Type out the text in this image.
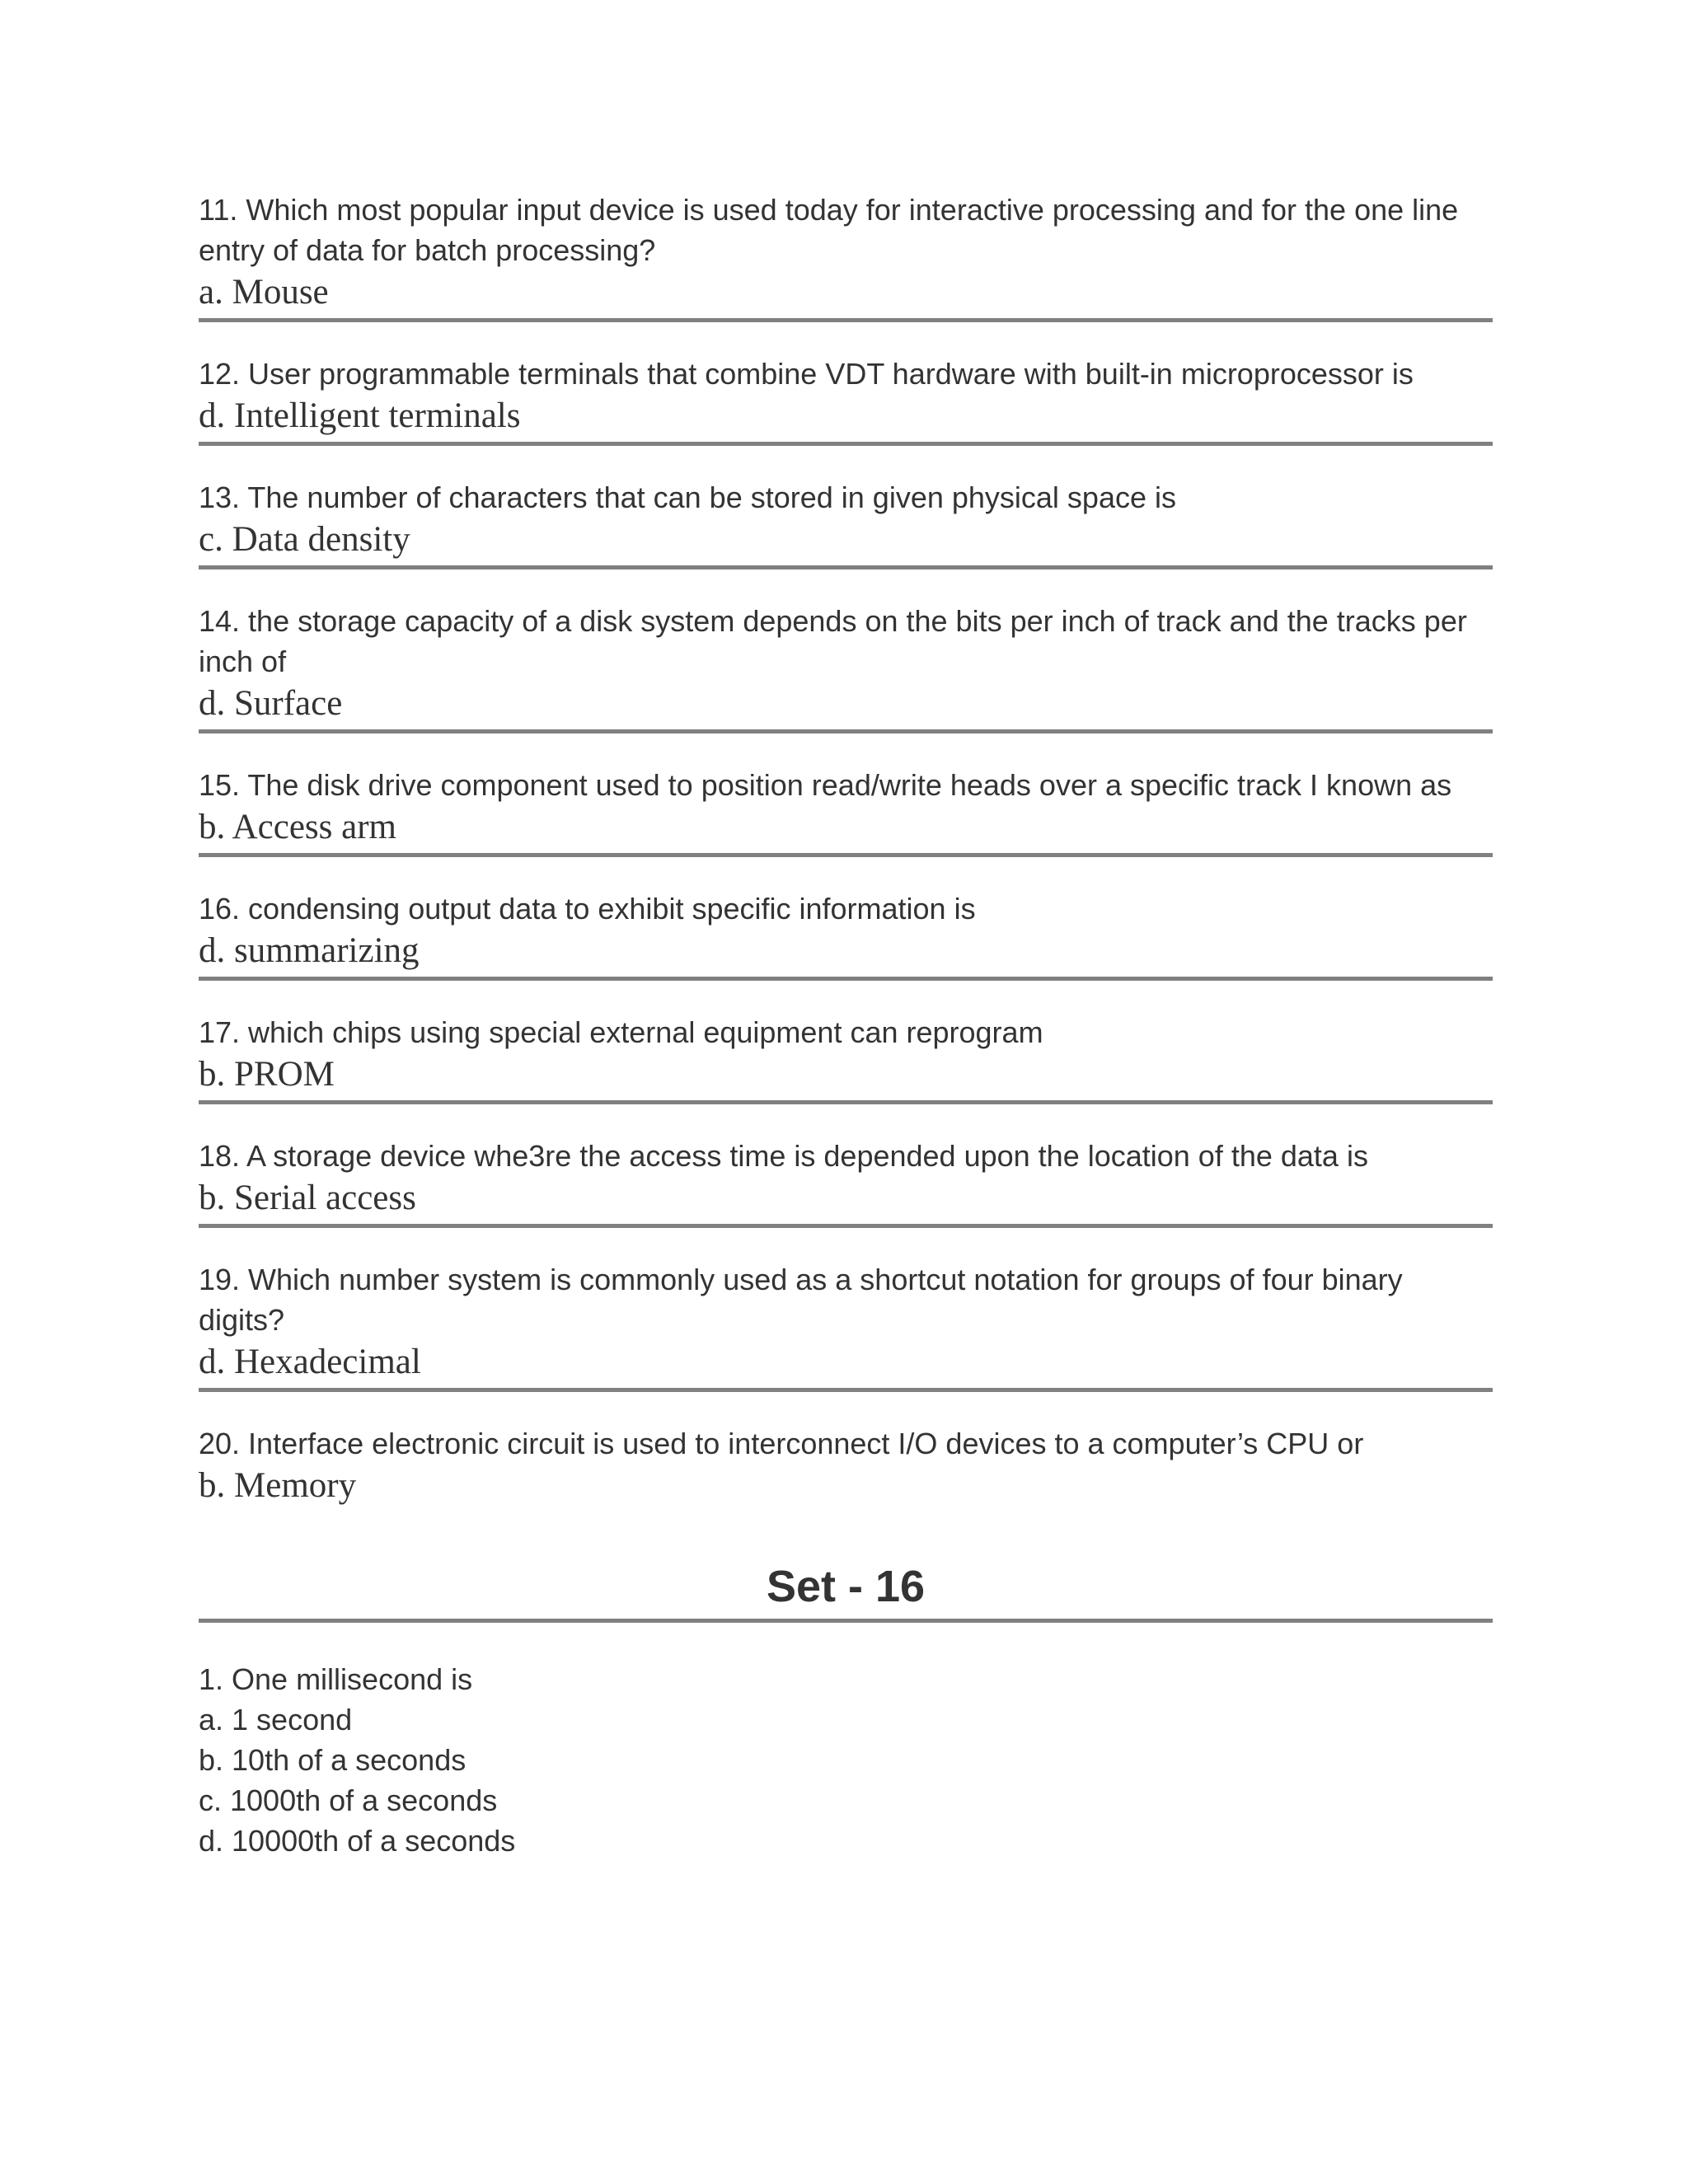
11. Which most popular input device is used today for interactive processing and for the one line entry of data for batch processing?

a. Mouse

12. User programmable terminals that combine VDT hardware with built-in microprocessor is

d. Intelligent terminals

13. The number of characters that can be stored in given physical space is

c. Data density

14. the storage capacity of a disk system depends on the bits per inch of track and the tracks per inch of

d. Surface

15. The disk drive component used to position read/write heads over a specific track I known as

b. Access arm

16. condensing output data to exhibit specific information is

d. summarizing

17. which chips using special external equipment can reprogram

b. PROM

18. A storage device whe3re the access time is depended upon the location of the data is

b. Serial access

19. Which number system is commonly used as a shortcut notation for groups of four binary digits?

d. Hexadecimal

20. Interface electronic circuit is used to interconnect I/O devices to a computer’s CPU or

b. Memory

Set - 16

1. One millisecond is

a. 1 second

b. 10th of a seconds

c. 1000th of a seconds

d. 10000th of a seconds
